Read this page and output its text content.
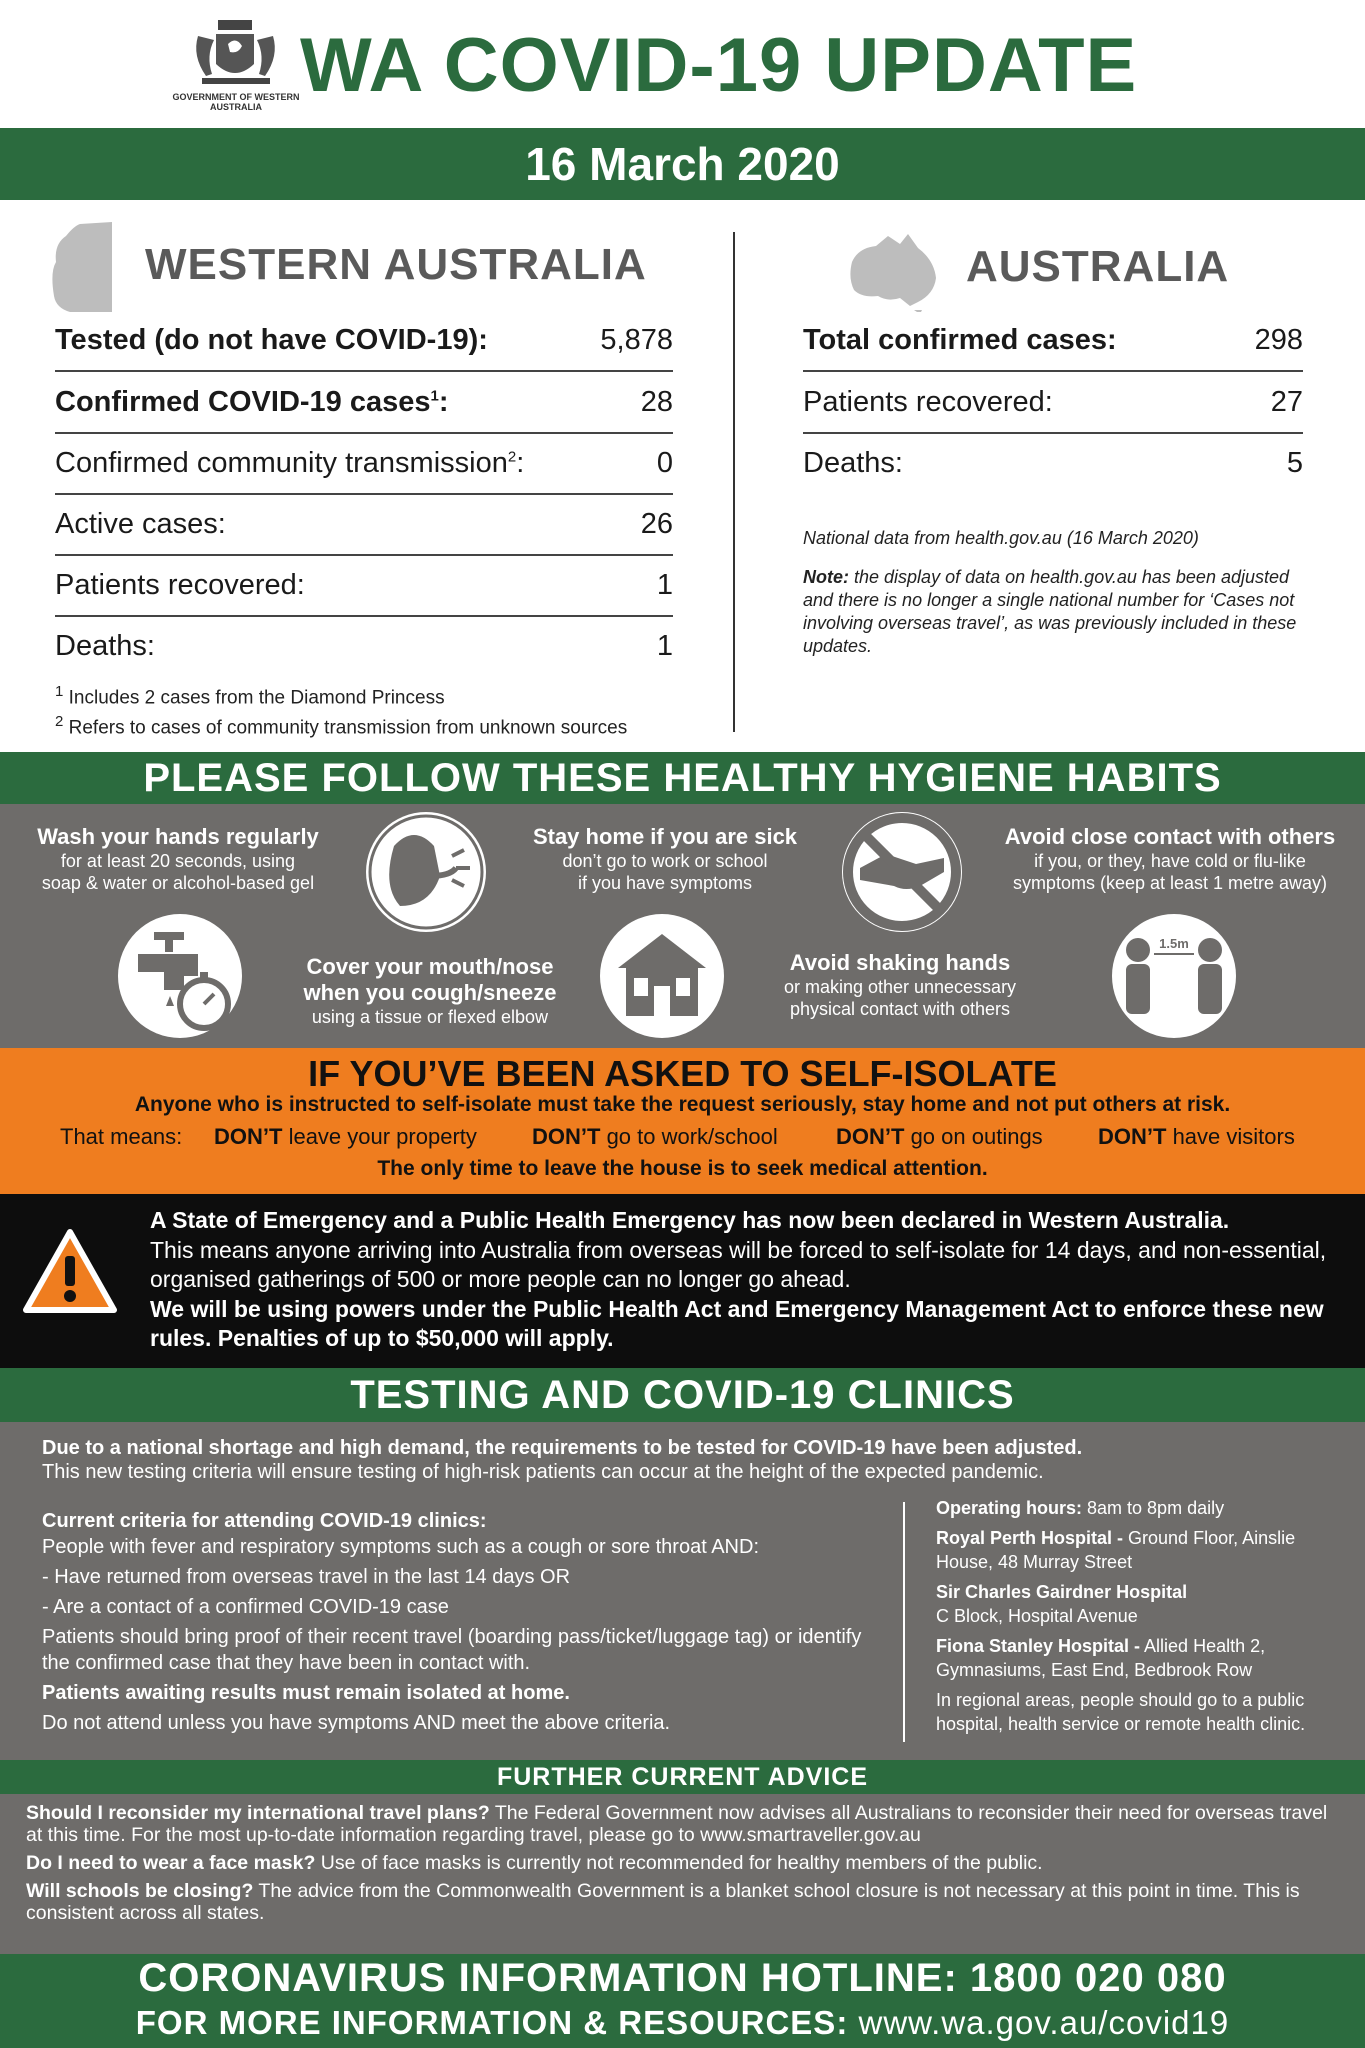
GOVERNMENT OF WESTERN AUSTRALIA WA COVID-19 UPDATE
16 March 2020
WESTERN AUSTRALIA
Tested (do not have COVID-19):	5,878
Confirmed COVID-19 cases$^1$:	28
Confirmed community transmission$^2$:	0
Active cases:	26
Patients recovered:	1
Deaths:	1
$^1$ Includes 2 cases from the Diamond Princess
$^2$ Refers to cases of community transmission from unknown sources
AUSTRALIA
Total confirmed cases:	298
Patients recovered:	27
Deaths:	5
National data from health.gov.au (16 March 2020)
Note: the display of data on health.gov.au has been adjusted and there is no longer a single national number for ‘Cases not involving overseas travel’, as was previously included in these updates.
PLEASE FOLLOW THESE HEALTHY HYGIENE HABITS
Wash your hands regularly
for at least 20 seconds, using
soap & water or alcohol-based gel
Stay home if you are sick
don’t go to work or school
if you have symptoms
Avoid close contact with others
if you, or they, have cold or flu-like
symptoms (keep at least 1 metre away)
Cover your mouth/nose
when you cough/sneeze
using a tissue or flexed elbow
Avoid shaking hands
or making other unnecessary
physical contact with others
1.5m
IF YOU’VE BEEN ASKED TO SELF-ISOLATE
Anyone who is instructed to self-isolate must take the request seriously, stay home and not put others at risk.
That means: DON’T leave your property	DON’T go to work/school	DON’T go on outings	DON’T have visitors
The only time to leave the house is to seek medical attention.

A State of Emergency and a Public Health Emergency has now been declared in Western Australia.

This means anyone arriving into Australia from overseas will be forced to self-isolate for 14 days, and non-essential, organised gatherings of 500 or more people can no longer go ahead.

We will be using powers under the Public Health Act and Emergency Management Act to enforce these new rules. Penalties of up to $50,000 will apply.

TESTING AND COVID-19 CLINICS

Due to a national shortage and high demand, the requirements to be tested for COVID-19 have been adjusted.

This new testing criteria will ensure testing of high-risk patients can occur at the height of the expected pandemic.

Current criteria for attending COVID-19 clinics:

People with fever and respiratory symptoms such as a cough or sore throat AND:

- Have returned from overseas travel in the last 14 days OR

- Are a contact of a confirmed COVID-19 case

Patients should bring proof of their recent travel (boarding pass/ticket/luggage tag) or identify the confirmed case that they have been in contact with.

Patients awaiting results must remain isolated at home.

Do not attend unless you have symptoms AND meet the above criteria.

Operating hours: 8am to 8pm daily

Royal Perth Hospital - Ground Floor, Ainslie House, 48 Murray Street

Sir Charles Gairdner Hospital
C Block, Hospital Avenue

Fiona Stanley Hospital - Allied Health 2, Gymnasiums, East End, Bedbrook Row

In regional areas, people should go to a public hospital, health service or remote health clinic.

FURTHER CURRENT ADVICE

Should I reconsider my international travel plans? The Federal Government now advises all Australians to reconsider their need for overseas travel at this time. For the most up-to-date information regarding travel, please go to www.smartraveller.gov.au

Do I need to wear a face mask? Use of face masks is currently not recommended for healthy members of the public.

Will schools be closing? The advice from the Commonwealth Government is a blanket school closure is not necessary at this point in time. This is consistent across all states.

CORONAVIRUS INFORMATION HOTLINE: 1800 020 080
FOR MORE INFORMATION & RESOURCES: www.wa.gov.au/covid19
